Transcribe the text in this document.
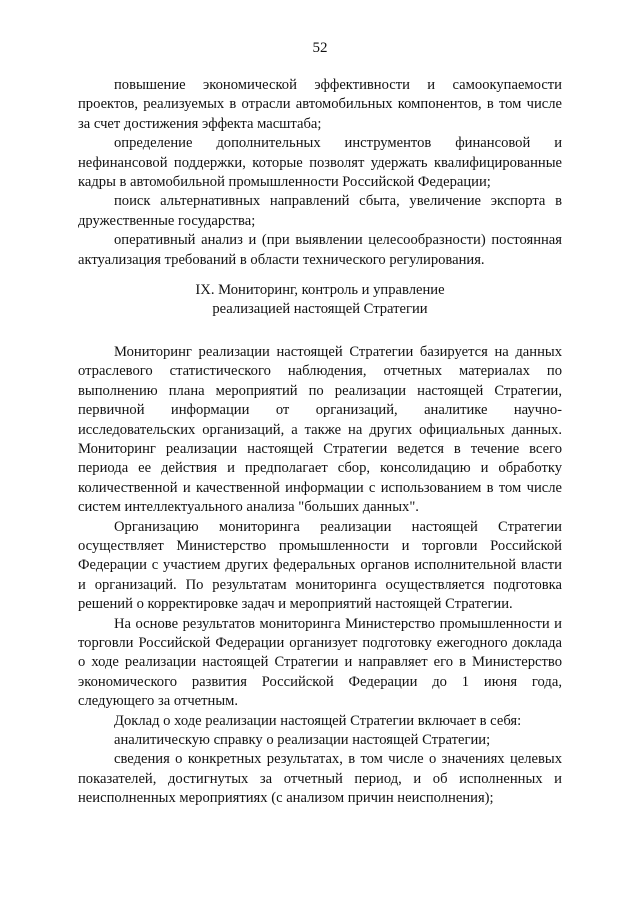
52

повышение экономической эффективности и самоокупаемости проектов, реализуемых в отрасли автомобильных компонентов, в том числе за счет достижения эффекта масштаба;

определение дополнительных инструментов финансовой и нефинансовой поддержки, которые позволят удержать квалифицированные кадры в автомобильной промышленности Российской Федерации;

поиск альтернативных направлений сбыта, увеличение экспорта в дружественные государства;

оперативный анализ и (при выявлении целесообразности) постоянная актуализация требований в области технического регулирования.

IX. Мониторинг, контроль и управление
реализацией настоящей Стратегии

Мониторинг реализации настоящей Стратегии базируется на данных отраслевого статистического наблюдения, отчетных материалах по выполнению плана мероприятий по реализации настоящей Стратегии, первичной информации от организаций, аналитике научно-исследовательских организаций, а также на других официальных данных. Мониторинг реализации настоящей Стратегии ведется в течение всего периода ее действия и предполагает сбор, консолидацию и обработку количественной и качественной информации с использованием в том числе систем интеллектуального анализа "больших данных".

Организацию мониторинга реализации настоящей Стратегии осуществляет Министерство промышленности и торговли Российской Федерации с участием других федеральных органов исполнительной власти и организаций. По результатам мониторинга осуществляется подготовка решений о корректировке задач и мероприятий настоящей Стратегии.

На основе результатов мониторинга Министерство промышленности и торговли Российской Федерации организует подготовку ежегодного доклада о ходе реализации настоящей Стратегии и направляет его в Министерство экономического развития Российской Федерации до 1 июня года, следующего за отчетным.

Доклад о ходе реализации настоящей Стратегии включает в себя:

аналитическую справку о реализации настоящей Стратегии;

сведения о конкретных результатах, в том числе о значениях целевых показателей, достигнутых за отчетный период, и об исполненных и неисполненных мероприятиях (с анализом причин неисполнения);
